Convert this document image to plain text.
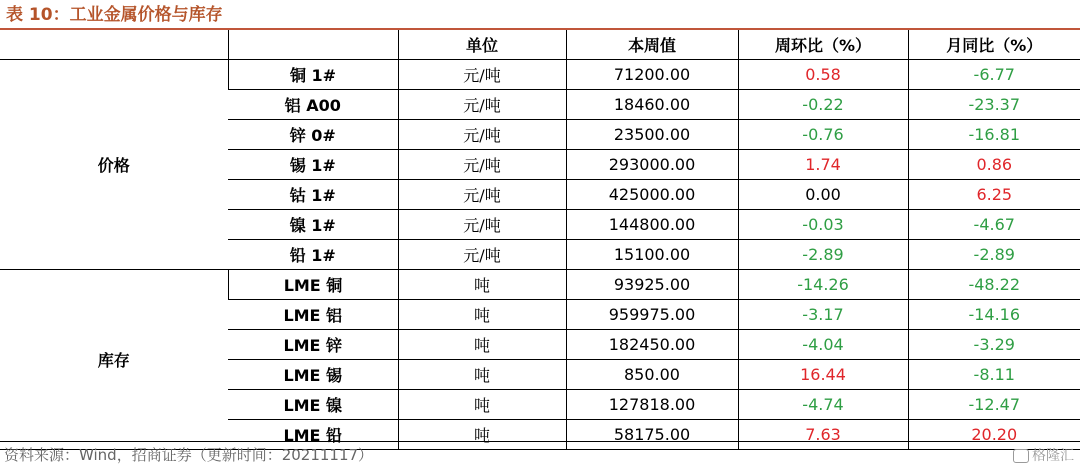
表 10：工业金属价格与库存
		单位	本周值	周环比（%）	月同比（%）
价格	铜 1#	元/吨	71200.00	0.58	-6.77
	铝 A00	元/吨	18460.00	-0.22	-23.37
	锌 0#	元/吨	23500.00	-0.76	-16.81
	锡 1#	元/吨	293000.00	1.74	0.86
	钴 1#	元/吨	425000.00	0.00	6.25
	镍 1#	元/吨	144800.00	-0.03	-4.67
	铅 1#	元/吨	15100.00	-2.89	-2.89
库存	LME 铜	吨	93925.00	-14.26	-48.22
	LME 铝	吨	959975.00	-3.17	-14.16
	LME 锌	吨	182450.00	-4.04	-3.29
	LME 锡	吨	850.00	16.44	-8.11
	LME 镍	吨	127818.00	-4.74	-12.47
	LME 铅	吨	58175.00	7.63	20.20
资料来源：Wind，招商证券（更新时间：20211117）	格隆汇
